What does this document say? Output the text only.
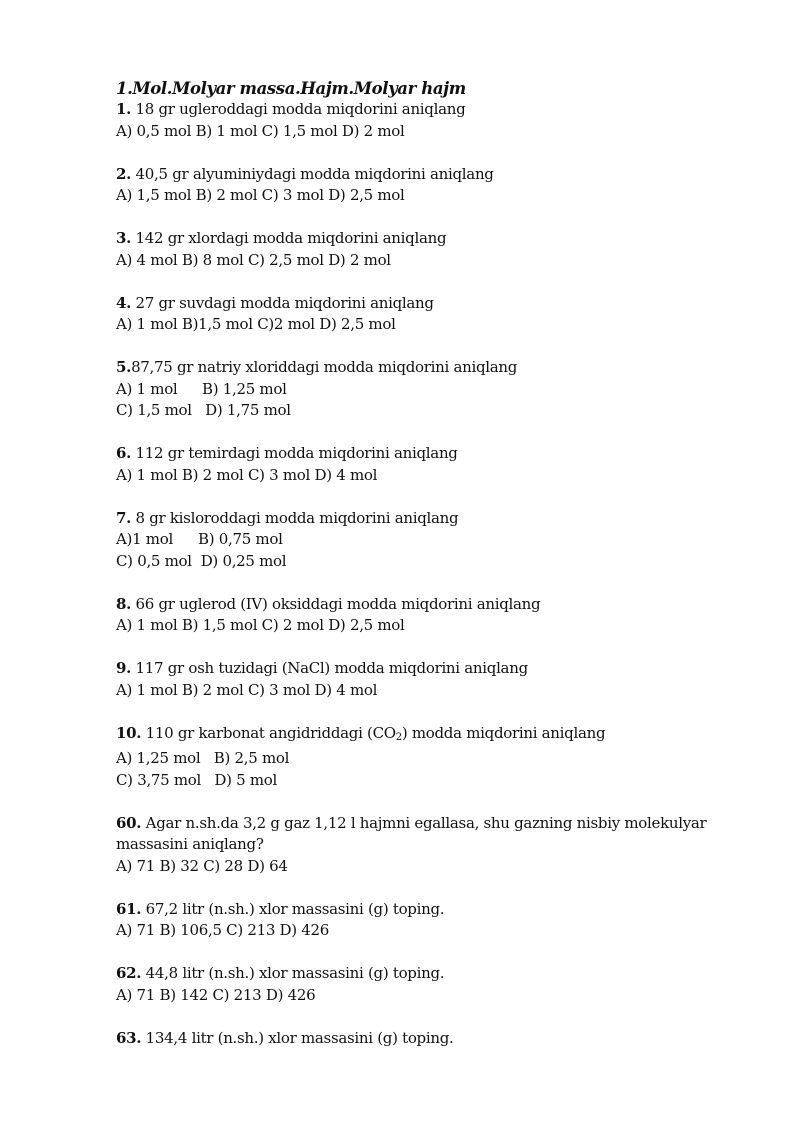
1.Mol.Molyar massa.Hajm.Molyar hajm
1. 18 gr ugleroddagi modda miqdorini aniqlang
A) 0,5 mol B) 1 mol C) 1,5 mol D) 2 mol
2. 40,5 gr alyuminiydagi modda miqdorini aniqlang
A) 1,5 mol B) 2 mol C) 3 mol D) 2,5 mol
3. 142 gr xlordagi modda miqdorini aniqlang
A) 4 mol B) 8 mol C) 2,5 mol D) 2 mol
4. 27 gr suvdagi modda miqdorini aniqlang
A) 1 mol B)1,5 mol C)2 mol D) 2,5 mol
5.87,75 gr natriy xloriddagi modda miqdorini aniqlang
A) 1 mol B) 1,25 mol
C) 1,5 mol   D) 1,75 mol
6. 112 gr temirdagi modda miqdorini aniqlang
A) 1 mol B) 2 mol C) 3 mol D) 4 mol
7. 8 gr kisloroddagi modda miqdorini aniqlang
A)1 mol B) 0,75 mol
C) 0,5 mol  D) 0,25 mol
8. 66 gr uglerod (IV) oksiddagi modda miqdorini aniqlang
A) 1 mol B) 1,5 mol C) 2 mol D) 2,5 mol
9. 117 gr osh tuzidagi (NaCl) modda miqdorini aniqlang
A) 1 mol B) 2 mol C) 3 mol D) 4 mol
10. 110 gr karbonat angidriddagi $(CO_2)$ modda miqdorini aniqlang
A) 1,25 mol   B) 2,5 mol
C) 3,75 mol   D) 5 mol
60. Agar n.sh.da 3,2 g gaz 1,12 l hajmni egallasa, shu gazning nisbiy molekulyar massasini aniqlang?
A) 71 B) 32 C) 28 D) 64
61. 67,2 litr (n.sh.) xlor massasini (g) toping.
A) 71 B) 106,5 C) 213 D) 426
62. 44,8 litr (n.sh.) xlor massasini (g) toping.
A) 71 B) 142 C) 213 D) 426
63. 134,4 litr (n.sh.) xlor massasini (g) toping.
